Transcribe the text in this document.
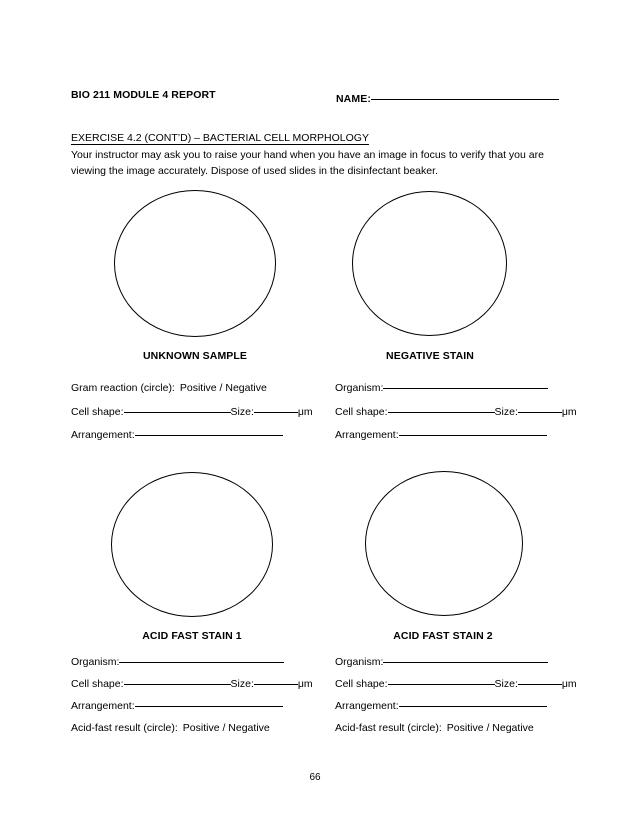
BIO 211 MODULE 4 REPORT	NAME:
EXERCISE 4.2 (CONT’D) – BACTERIAL CELL MORPHOLOGY
Your instructor may ask you to raise your hand when you have an image in focus to verify that you are viewing the image accurately. Dispose of used slides in the disinfectant beaker.
UNKNOWN SAMPLE	NEGATIVE STAIN
ACID FAST STAIN 1	ACID FAST STAIN 2
Gram reaction (circle): Positive / Negative
Cell shape:	Size:	μm
Arrangement:
Organism:
Cell shape:	Size:	μm
Arrangement:
Organism:
Cell shape:	Size:	μm
Arrangement:
Acid-fast result (circle): Positive / Negative
Organism:
Cell shape:	Size:	μm
Arrangement:
Acid-fast result (circle): Positive / Negative
66
